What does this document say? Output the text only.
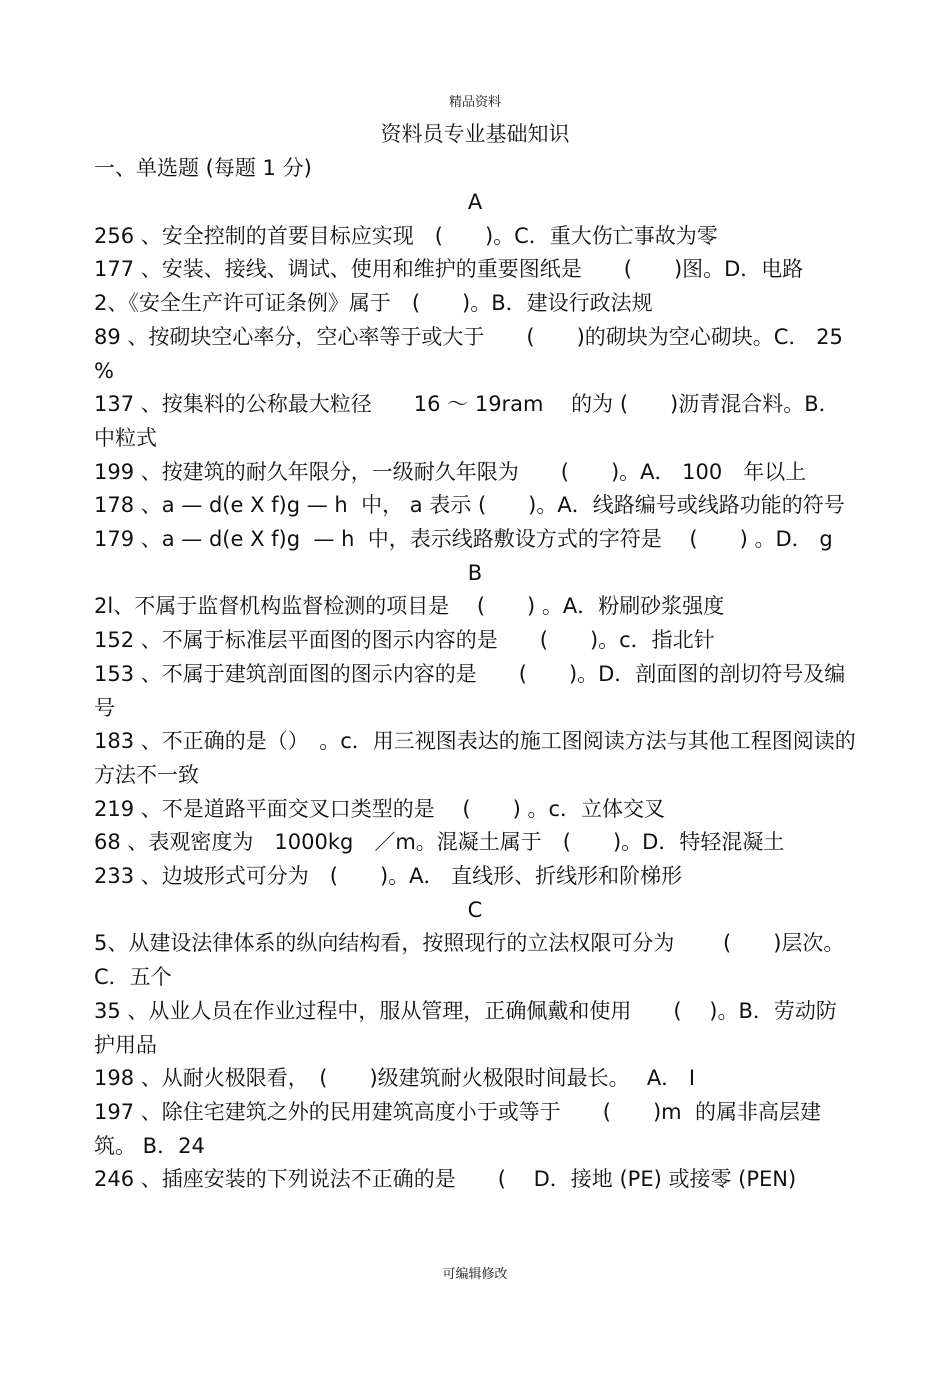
精品资料
资料员专业基础知识
一、单选题 (每题 1 分)
A
256 、安全控制的首要目标应实现　(　　)。C．重大伤亡事故为零
177 、安装、接线、调试、使用和维护的重要图纸是　　(　　)图。D．电路
2、《安全生产许可证条例》属于　(　　)。B．建设行政法规
89 、按砌块空心率分，空心率等于或大于　　(　　)的砌块为空心砌块。C． 25 %
137 、按集料的公称最大粒径　　16 ～ 19ram　 的为 (　　)沥青混合料。B．中粒式
199 、按建筑的耐久年限分，一级耐久年限为　　(　　)。A． 100　年以上
178 、a — d(e X f)g — h  中， a 表示 (　　)。A．线路编号或线路功能的符号
179 、a — d(e X f)g  — h  中，表示线路敷设方式的字符是　 (　　) 。D． g
B
2l、不属于监督机构监督检测的项目是　 (　　) 。A．粉刷砂浆强度
152 、不属于标准层平面图的图示内容的是　　(　　)。c．指北针
153 、不属于建筑剖面图的图示内容的是　　(　　)。D．剖面图的剖切符号及编号
183 、不正确的是（）　。c．用三视图表达的施工图阅读方法与其他工程图阅读的方法不一致
219 、不是道路平面交叉口类型的是　 (　　) 。c．立体交叉
68 、表观密度为　1000kg　／m。混凝土属于　(　　)。D．特轻混凝土
233 、边坡形式可分为　(　　)。A． 直线形、折线形和阶梯形
C
5、从建设法律体系的纵向结构看，按照现行的立法权限可分为　　 (　　)层次。 C．五个
35 、从业人员在作业过程中，服从管理，正确佩戴和使用　　(　 )。B．劳动防护用品
198 、从耐火极限看，　(　　)级建筑耐火极限时间最长。　 A． I
197 、除住宅建筑之外的民用建筑高度小于或等于　　(　　)m  的属非高层建筑。 B．24
246 、插座安装的下列说法不正确的是　　(　 D．接地 (PE) 或接零 (PEN)
可编辑修改
